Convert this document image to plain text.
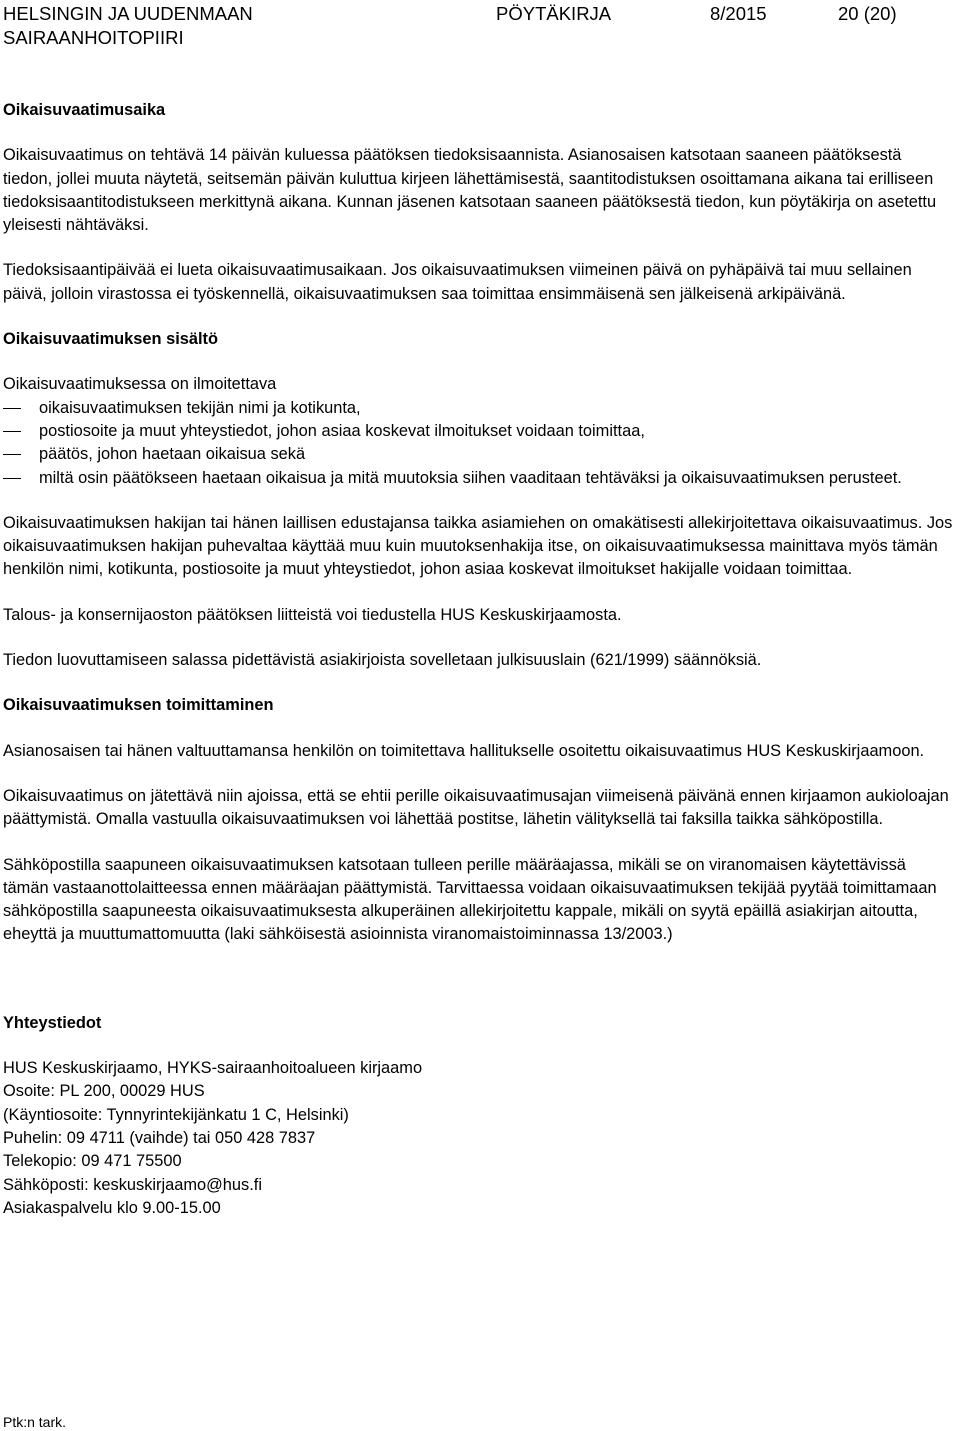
HELSINGIN JA UUDENMAAN
SAIRAANHOITOPIIRI
PÖYTÄKIRJA	8/2015	20 (20)

Oikaisuvaatimusaika

Oikaisuvaatimus on tehtävä 14 päivän kuluessa päätöksen tiedoksisaannista. Asianosaisen katsotaan saaneen päätöksestä tiedon, jollei muuta näytetä, seitsemän päivän kuluttua kirjeen lähettämisestä, saantitodistuksen osoittamana aikana tai erilliseen tiedoksisaantitodistukseen merkittynä aikana. Kunnan jäsenen katsotaan saaneen päätöksestä tiedon, kun pöytäkirja on asetettu yleisesti nähtäväksi.

Tiedoksisaantipäivää ei lueta oikaisuvaatimusaikaan. Jos oikaisuvaatimuksen viimeinen päivä on pyhäpäivä tai muu sellainen päivä, jolloin virastossa ei työskennellä, oikaisuvaatimuksen saa toimittaa ensimmäisenä sen jälkeisenä arkipäivänä.

Oikaisuvaatimuksen sisältö

Oikaisuvaatimuksessa on ilmoitettava

oikaisuvaatimuksen tekijän nimi ja kotikunta,
postiosoite ja muut yhteystiedot, johon asiaa koskevat ilmoitukset voidaan toimittaa,
päätös, johon haetaan oikaisua sekä
miltä osin päätökseen haetaan oikaisua ja mitä muutoksia siihen vaaditaan tehtäväksi ja oikaisuvaatimuksen perusteet.

Oikaisuvaatimuksen hakijan tai hänen laillisen edustajansa taikka asiamiehen on omakätisesti allekirjoitettava oikaisuvaatimus. Jos oikaisuvaatimuksen hakijan puhevaltaa käyttää muu kuin muutoksenhakija itse, on oikaisuvaatimuksessa mainittava myös tämän henkilön nimi, kotikunta, postiosoite ja muut yhteystiedot, johon asiaa koskevat ilmoitukset hakijalle voidaan toimittaa.

Talous- ja konsernijaoston päätöksen liitteistä voi tiedustella HUS Keskuskirjaamosta.

Tiedon luovuttamiseen salassa pidettävistä asiakirjoista sovelletaan julkisuuslain (621/1999) säännöksiä.

Oikaisuvaatimuksen toimittaminen

Asianosaisen tai hänen valtuuttamansa henkilön on toimitettava hallitukselle osoitettu oikaisuvaatimus HUS Keskuskirjaamoon.

Oikaisuvaatimus on jätettävä niin ajoissa, että se ehtii perille oikaisuvaatimusajan viimeisenä päivänä ennen kirjaamon aukioloajan päättymistä. Omalla vastuulla oikaisuvaatimuksen voi lähettää postitse, lähetin välityksellä tai faksilla taikka sähköpostilla.

Sähköpostilla saapuneen oikaisuvaatimuksen katsotaan tulleen perille määräajassa, mikäli se on viranomaisen käytettävissä tämän vastaanottolaitteessa ennen määräajan päättymistä. Tarvittaessa voidaan oikaisuvaatimuksen tekijää pyytää toimittamaan sähköpostilla saapuneesta oikaisuvaatimuksesta alkuperäinen allekirjoitettu kappale, mikäli on syytä epäillä asiakirjan aitoutta, eheyttä ja muuttumattomuutta (laki sähköisestä asioinnista viranomaistoiminnassa 13/2003.)

Yhteystiedot

HUS Keskuskirjaamo, HYKS-sairaanhoitoalueen kirjaamo

Osoite: PL 200, 00029 HUS

(Käyntiosoite: Tynnyrintekijänkatu 1 C, Helsinki)

Puhelin: 09 4711 (vaihde) tai 050 428 7837

Telekopio: 09 471 75500

Sähköposti: keskuskirjaamo@hus.fi

Asiakaspalvelu klo 9.00-15.00

Ptk:n tark.
